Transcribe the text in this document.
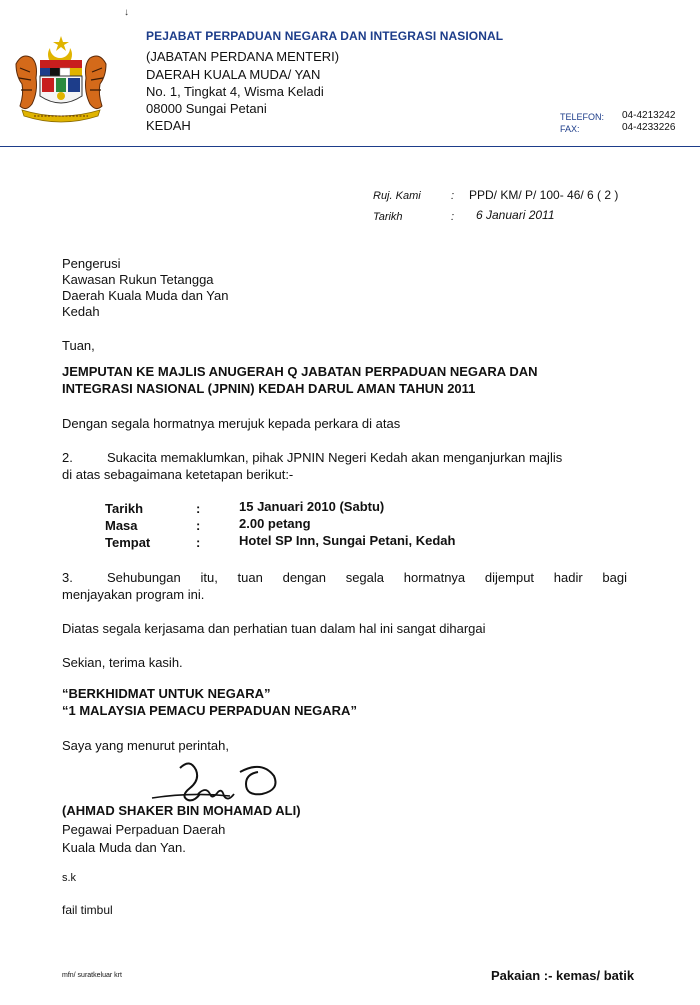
↓
PEJABAT PERPADUAN NEGARA DAN INTEGRASI NASIONAL
(JABATAN PERDANA MENTERI)
DAERAH KUALA MUDA/ YAN
No. 1, Tingkat 4, Wisma Keladi
08000 Sungai Petani
KEDAH
TELEFON: 04-4213242
FAX:	04-4233226
Ruj. Kami	: PPD/ KM/ P/ 100- 46/ 6 ( 2 )
Tarikh	: 6 Januari 2011
Pengerusi
Kawasan Rukun Tetangga
Daerah Kuala Muda dan Yan
Kedah
Tuan,
JEMPUTAN KE MAJLIS ANUGERAH Q JABATAN PERPADUAN NEGARA DAN
INTEGRASI NASIONAL (JPNIN) KEDAH DARUL AMAN TAHUN 2011
Dengan segala hormatnya merujuk kepada perkara di atas
2.	Sukacita memaklumkan, pihak JPNIN Negeri Kedah akan menganjurkan majlis
di atas sebagaimana ketetapan berikut:-
Tarikh	:	15 Januari 2010 (Sabtu)
Masa	:	2.00 petang
Tempat	:	Hotel SP Inn, Sungai Petani, Kedah
3.	Sehubungan itu, tuan dengan segala hormatnya dijemput hadir bagi
menjayakan program ini.
Diatas segala kerjasama dan perhatian tuan dalam hal ini sangat dihargai
Sekian, terima kasih.
“BERKHIDMAT UNTUK NEGARA”
“1 MALAYSIA PEMACU PERPADUAN NEGARA”
Saya yang menurut perintah,
(AHMAD SHAKER BIN MOHAMAD ALI)
Pegawai Perpaduan Daerah
Kuala Muda dan Yan.
s.k
fail timbul
mfn/ suratkeluar krt	Pakaian :- kemas/ batik
